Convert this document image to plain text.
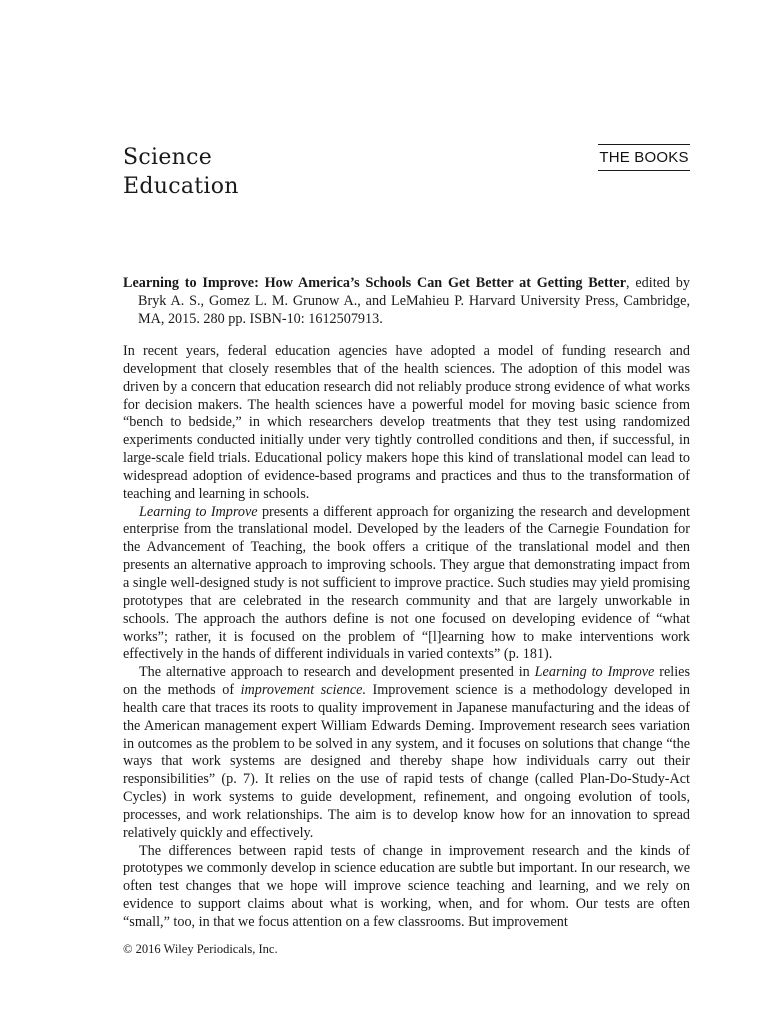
Science
Education
THE BOOKS
Learning to Improve: How America’s Schools Can Get Better at Getting Better, edited by Bryk A. S., Gomez L. M. Grunow A., and LeMahieu P. Harvard University Press, Cambridge, MA, 2015. 280 pp. ISBN-10: 1612507913.

In recent years, federal education agencies have adopted a model of funding research and development that closely resembles that of the health sciences. The adoption of this model was driven by a concern that education research did not reliably produce strong evidence of what works for decision makers. The health sciences have a powerful model for moving basic science from “bench to bedside,” in which researchers develop treatments that they test using randomized experiments conducted initially under very tightly controlled conditions and then, if successful, in large-scale field trials. Educational policy makers hope this kind of translational model can lead to widespread adoption of evidence-based programs and practices and thus to the transformation of teaching and learning in schools.

Learning to Improve presents a different approach for organizing the research and development enterprise from the translational model. Developed by the leaders of the Carnegie Foundation for the Advancement of Teaching, the book offers a critique of the translational model and then presents an alternative approach to improving schools. They argue that demonstrating impact from a single well-designed study is not sufficient to improve practice. Such studies may yield promising prototypes that are celebrated in the research community and that are largely unworkable in schools. The approach the authors define is not one focused on developing evidence of “what works”; rather, it is focused on the problem of “[l]earning how to make interventions work effectively in the hands of different individuals in varied contexts” (p. 181).

The alternative approach to research and development presented in Learning to Improve relies on the methods of improvement science. Improvement science is a methodology developed in health care that traces its roots to quality improvement in Japanese manufacturing and the ideas of the American management expert William Edwards Deming. Improvement research sees variation in outcomes as the problem to be solved in any system, and it focuses on solutions that change “the ways that work systems are designed and thereby shape how individuals carry out their responsibilities” (p. 7). It relies on the use of rapid tests of change (called Plan-Do-Study-Act Cycles) in work systems to guide development, refinement, and ongoing evolution of tools, processes, and work relationships. The aim is to develop know how for an innovation to spread relatively quickly and effectively.

The differences between rapid tests of change in improvement research and the kinds of prototypes we commonly develop in science education are subtle but important. In our research, we often test changes that we hope will improve science teaching and learning, and we rely on evidence to support claims about what is working, when, and for whom. Our tests are often “small,” too, in that we focus attention on a few classrooms. But improvement

© 2016 Wiley Periodicals, Inc.
